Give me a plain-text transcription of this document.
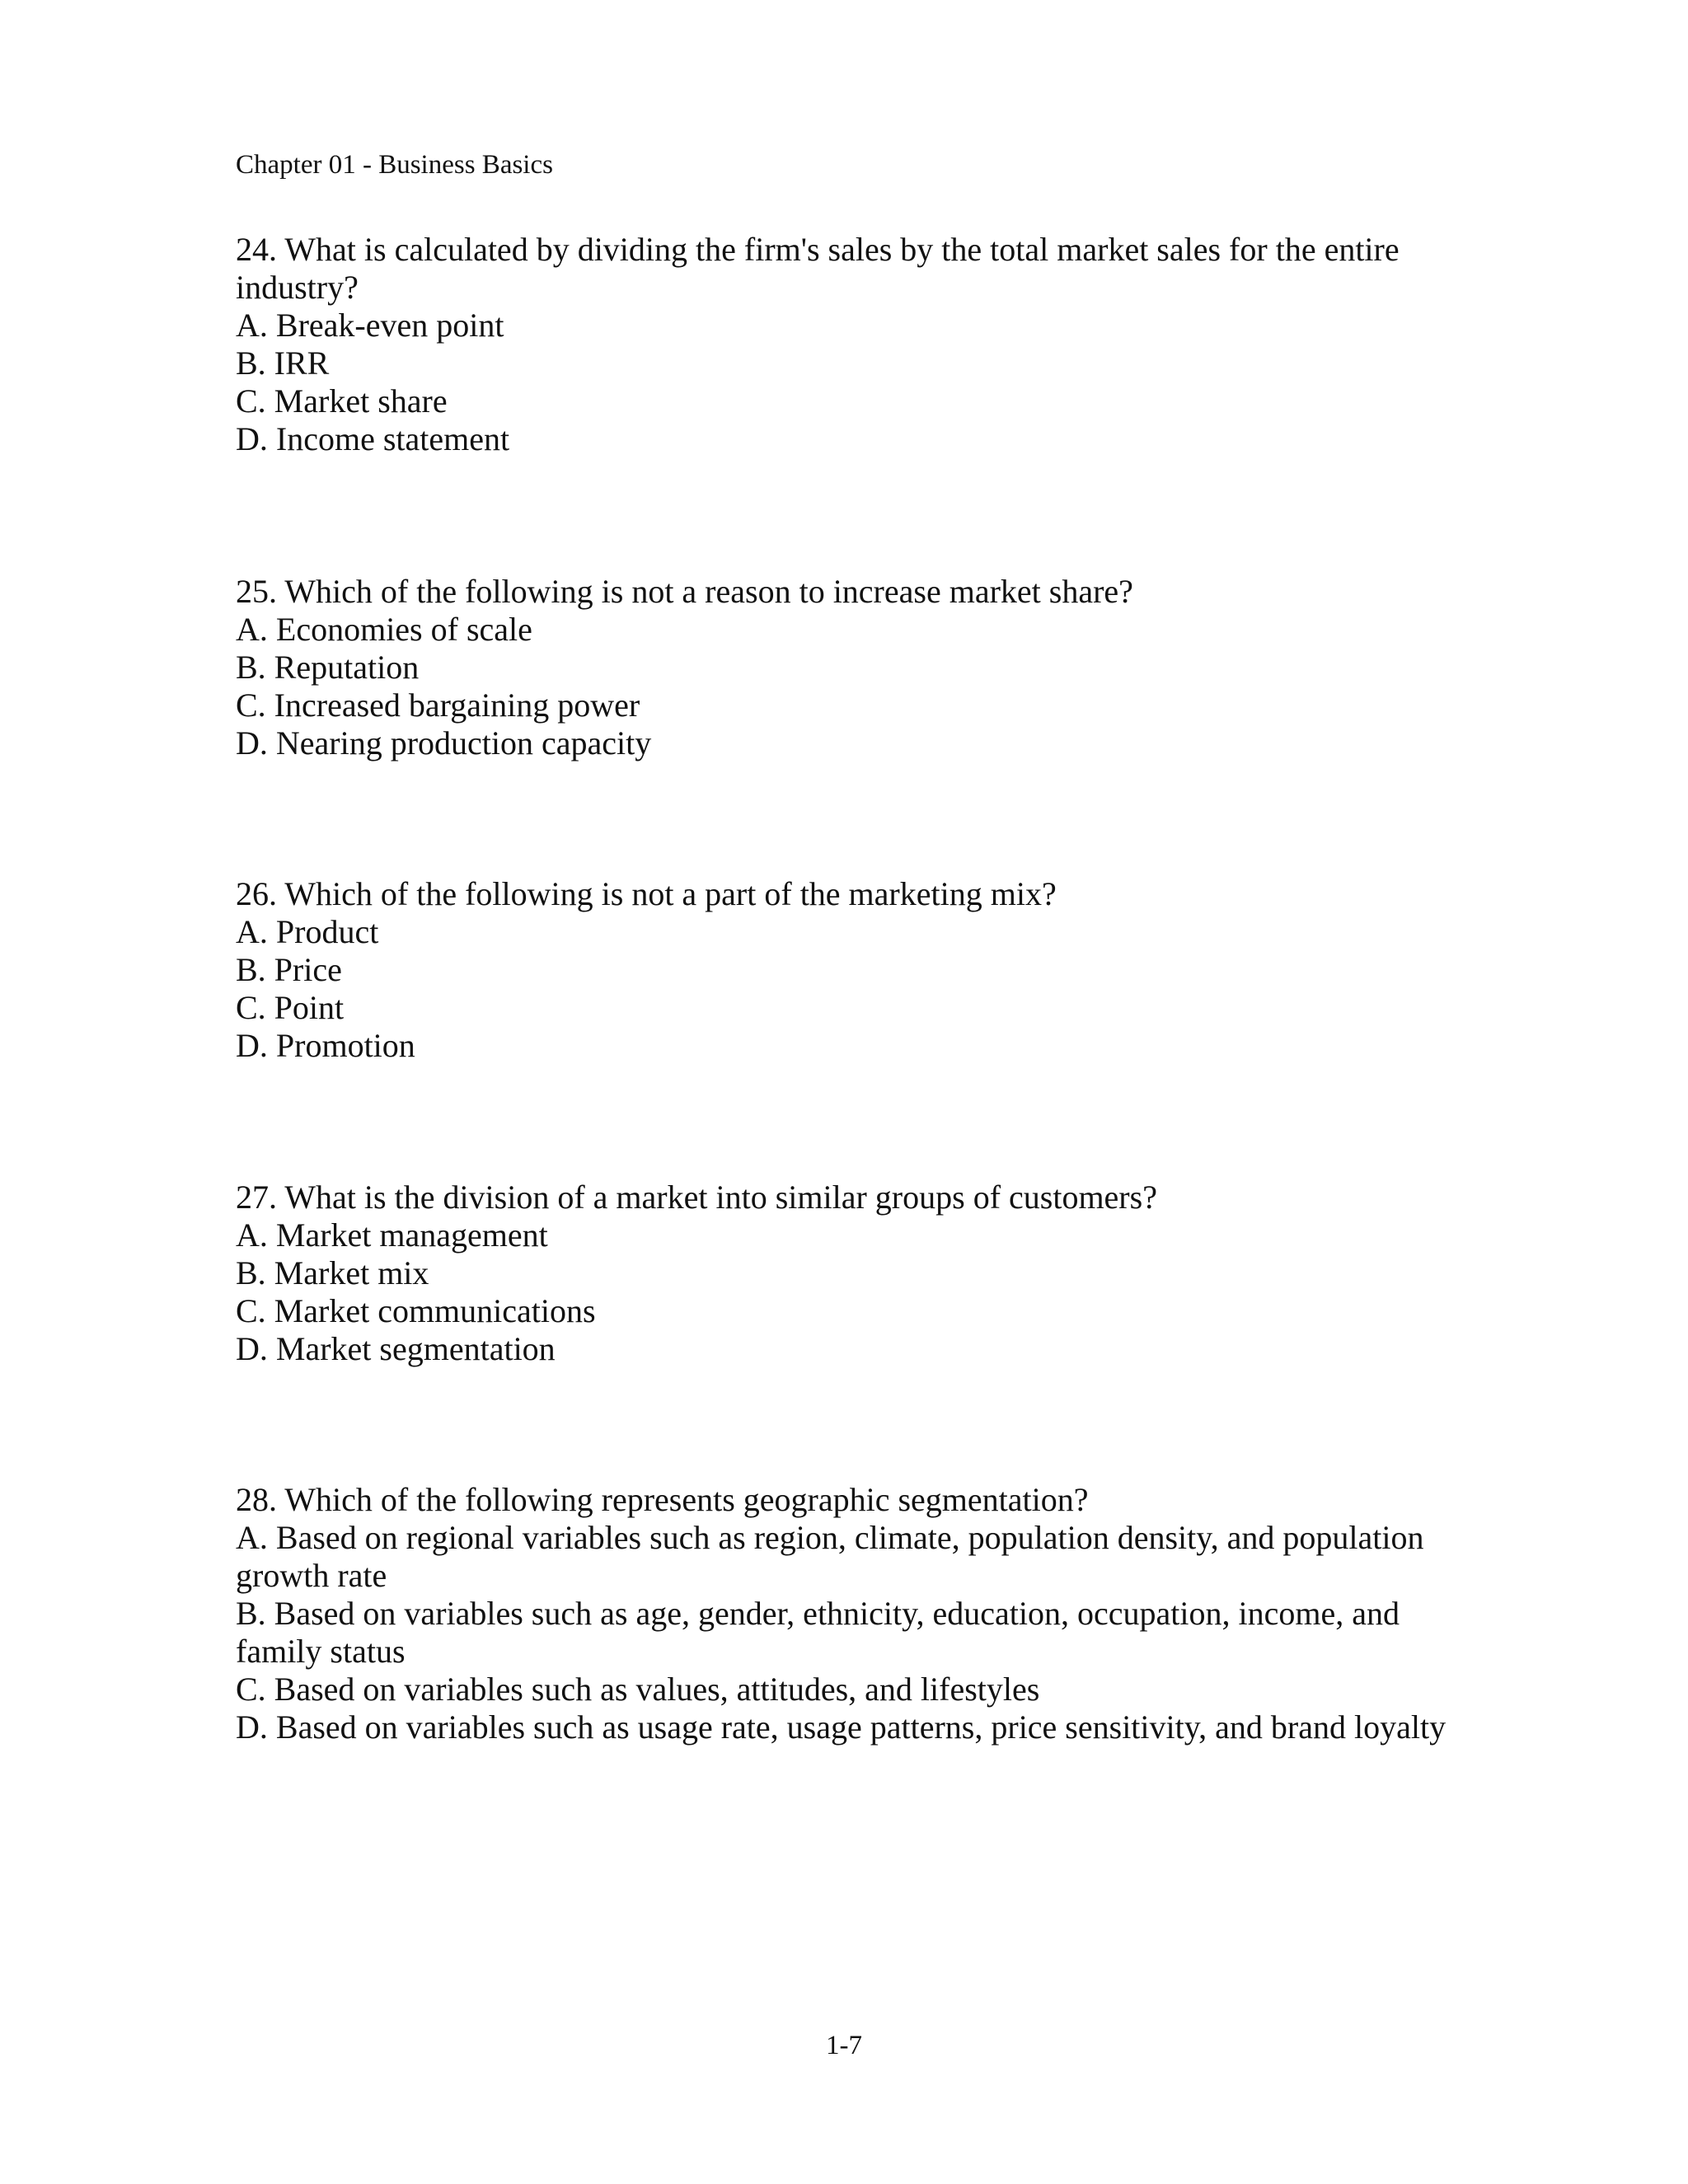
Chapter 01 - Business Basics

24. What is calculated by dividing the firm's sales by the total market sales for the entire industry?

A. Break-even point

B. IRR

C. Market share

D. Income statement

25. Which of the following is not a reason to increase market share?

A. Economies of scale

B. Reputation

C. Increased bargaining power

D. Nearing production capacity

26. Which of the following is not a part of the marketing mix?

A. Product

B. Price

C. Point

D. Promotion

27. What is the division of a market into similar groups of customers?

A. Market management

B. Market mix

C. Market communications

D. Market segmentation

28. Which of the following represents geographic segmentation?

A. Based on regional variables such as region, climate, population density, and population growth rate

B. Based on variables such as age, gender, ethnicity, education, occupation, income, and family status

C. Based on variables such as values, attitudes, and lifestyles

D. Based on variables such as usage rate, usage patterns, price sensitivity, and brand loyalty

1-7
